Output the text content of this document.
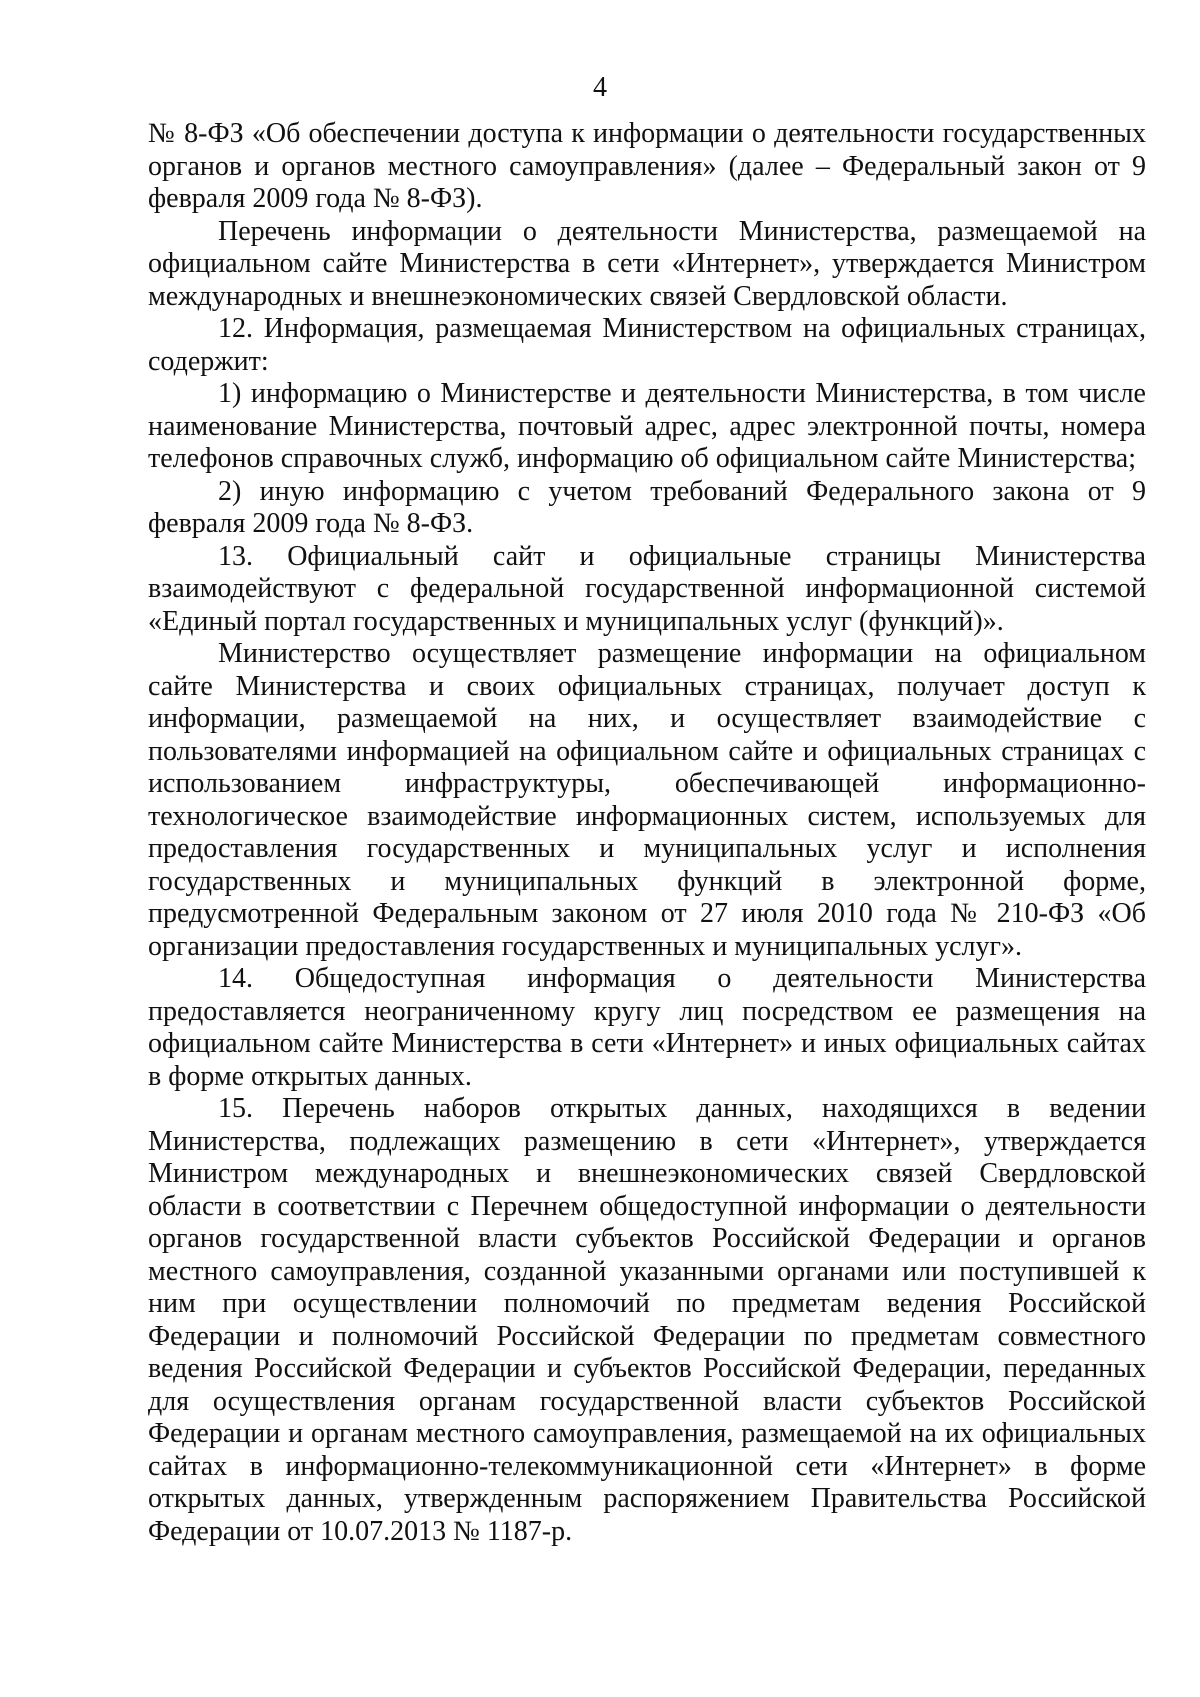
4

№ 8-ФЗ «Об обеспечении доступа к информации о деятельности государственных органов и органов местного самоуправления» (далее – Федеральный закон от 9 февраля 2009 года № 8-ФЗ).

Перечень информации о деятельности Министерства, размещаемой на официальном сайте Министерства в сети «Интернет», утверждается Министром международных и внешнеэкономических связей Свердловской области.

12. Информация, размещаемая Министерством на официальных страницах, содержит:

1) информацию о Министерстве и деятельности Министерства, в том числе наименование Министерства, почтовый адрес, адрес электронной почты, номера телефонов справочных служб, информацию об официальном сайте Министерства;

2) иную информацию с учетом требований Федерального закона от 9 февраля 2009 года № 8-ФЗ.

13. Официальный сайт и официальные страницы Министерства взаимодействуют с федеральной государственной информационной системой «Единый портал государственных и муниципальных услуг (функций)».

Министерство осуществляет размещение информации на официальном сайте Министерства и своих официальных страницах, получает доступ к информации, размещаемой на них, и осуществляет взаимодействие с пользователями информацией на официальном сайте и официальных страницах с использованием инфраструктуры, обеспечивающей информационно-технологическое взаимодействие информационных систем, используемых для предоставления государственных и муниципальных услуг и исполнения государственных и муниципальных функций в электронной форме, предусмотренной Федеральным законом от 27 июля 2010 года № 210-ФЗ «Об организации предоставления государственных и муниципальных услуг».

14. Общедоступная информация о деятельности Министерства предоставляется неограниченному кругу лиц посредством ее размещения на официальном сайте Министерства в сети «Интернет» и иных официальных сайтах в форме открытых данных.

15. Перечень наборов открытых данных, находящихся в ведении Министерства, подлежащих размещению в сети «Интернет», утверждается Министром международных и внешнеэкономических связей Свердловской области в соответствии с Перечнем общедоступной информации о деятельности органов государственной власти субъектов Российской Федерации и органов местного самоуправления, созданной указанными органами или поступившей к ним при осуществлении полномочий по предметам ведения Российской Федерации и полномочий Российской Федерации по предметам совместного ведения Российской Федерации и субъектов Российской Федерации, переданных для осуществления органам государственной власти субъектов Российской Федерации и органам местного самоуправления, размещаемой на их официальных сайтах в информационно-телекоммуникационной сети «Интернет» в форме открытых данных, утвержденным распоряжением Правительства Российской Федерации от 10.07.2013 № 1187-р.
